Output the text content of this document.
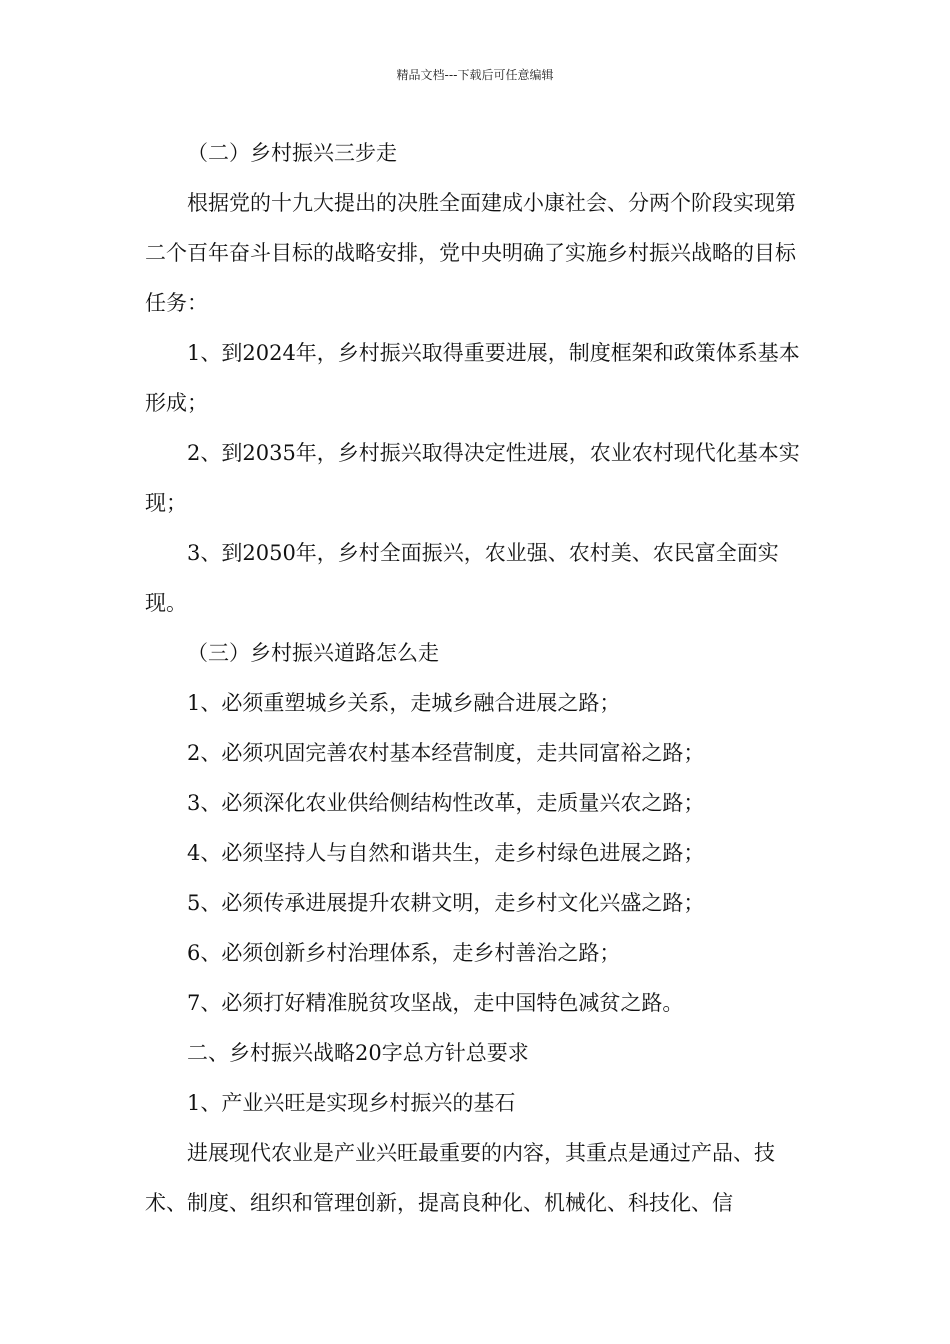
精品文档---下载后可任意编辑

（二）乡村振兴三步走

根据党的十九大提出的决胜全面建成小康社会、分两个阶段实现第二个百年奋斗目标的战略安排，党中央明确了实施乡村振兴战略的目标任务：

1、到2024年，乡村振兴取得重要进展，制度框架和政策体系基本形成；
2、到2035年，乡村振兴取得决定性进展，农业农村现代化基本实现；
3、到2050年，乡村全面振兴，农业强、农村美、农民富全面实现。

（三）乡村振兴道路怎么走

1、必须重塑城乡关系，走城乡融合进展之路；
2、必须巩固完善农村基本经营制度，走共同富裕之路；
3、必须深化农业供给侧结构性改革，走质量兴农之路；
4、必须坚持人与自然和谐共生，走乡村绿色进展之路；
5、必须传承进展提升农耕文明，走乡村文化兴盛之路；
6、必须创新乡村治理体系，走乡村善治之路；
7、必须打好精准脱贫攻坚战，走中国特色减贫之路。

二、乡村振兴战略20字总方针总要求

1、产业兴旺是实现乡村振兴的基石

进展现代农业是产业兴旺最重要的内容，其重点是通过产品、技术、制度、组织和管理创新，提高良种化、机械化、科技化、信
